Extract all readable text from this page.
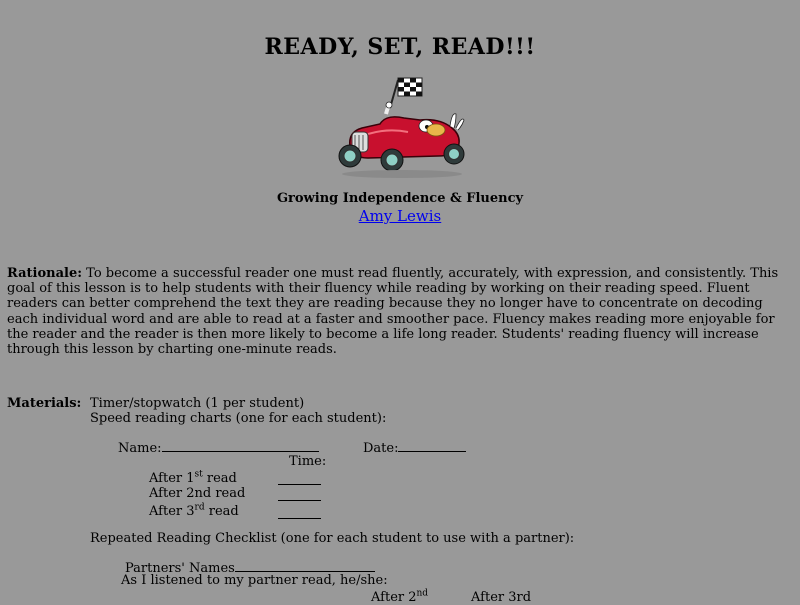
READY, SET, READ!!!
Growing Independence & Fluency
Amy Lewis
Rationale: To become a successful reader one must read fluently, accurately, with expression, and consistently. This goal of this lesson is to help students with their fluency while reading by working on their reading speed. Fluent readers can better comprehend the text they are reading because they no longer have to concentrate on decoding each individual word and are able to read at a faster and smoother pace. Fluency makes reading more enjoyable for the reader and the reader is then more likely to become a life long reader. Students' reading fluency will increase through this lesson by charting one-minute reads.
Materials: Timer/stopwatch (1 per student)
Speed reading charts (one for each student):
Name:	Date:
Time:
After 1st read
After 2nd read
After 3rd read
Repeated Reading Checklist (one for each student to use with a partner):
Partners' Names
As I listened to my partner read, he/she:
After 2nd	After 3rd
